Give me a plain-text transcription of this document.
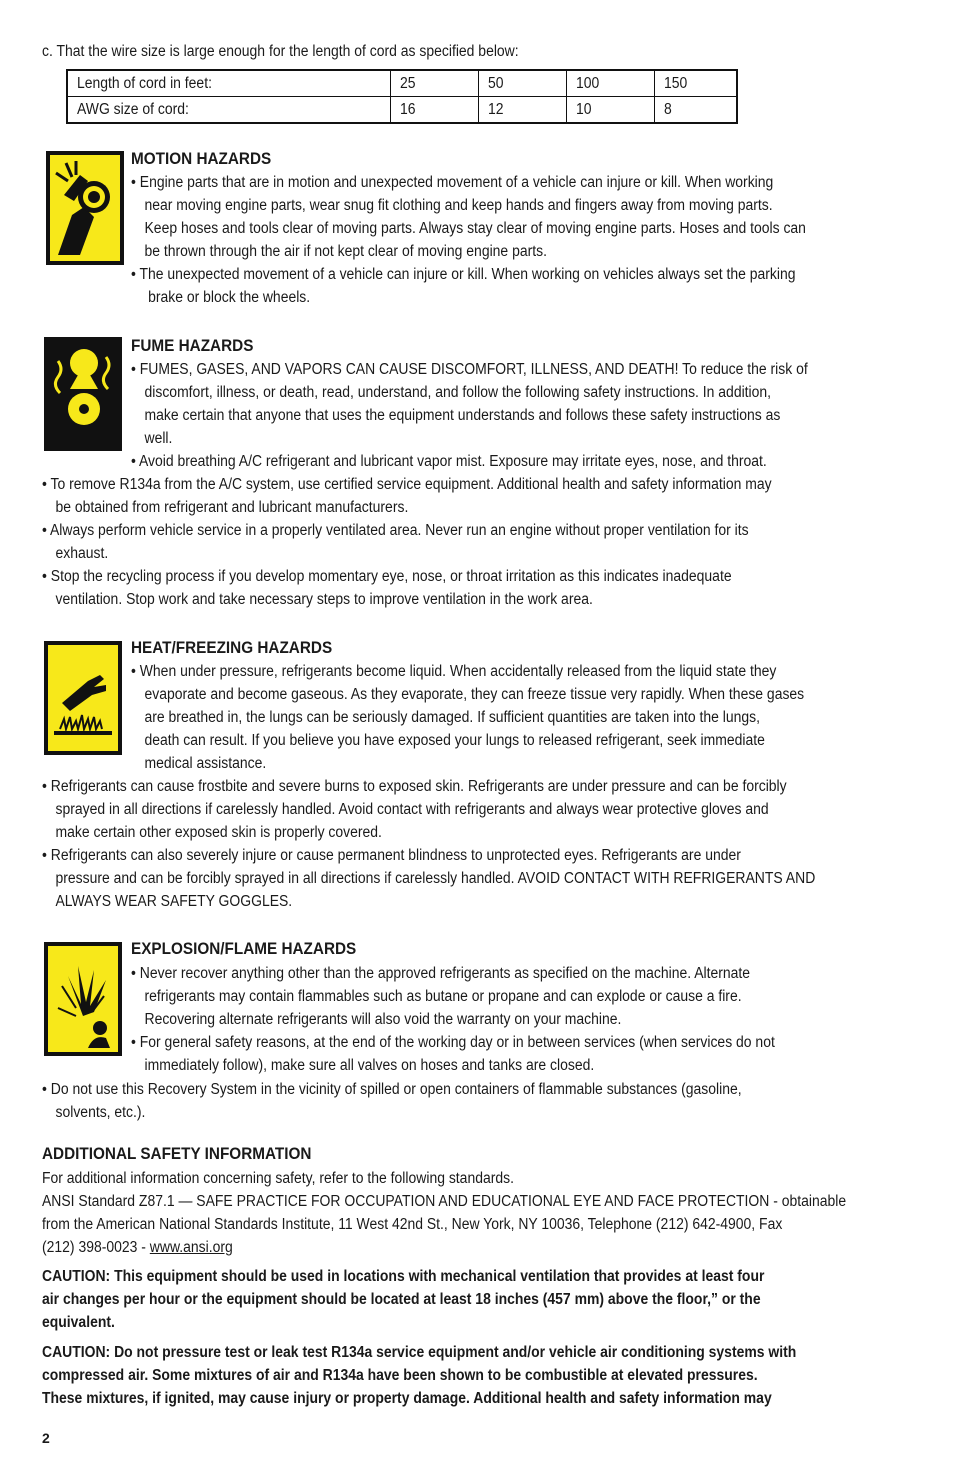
c. That the wire size is large enough for the length of cord as specified below:
Length of cord in feet:	25	50	100	150
AWG size of cord:	16	12	10	8
MOTION HAZARDS
• Engine parts that are in motion and unexpected movement of a vehicle can injure or kill. When working
near moving engine parts, wear snug fit clothing and keep hands and fingers away from moving parts.
Keep hoses and tools clear of moving parts. Always stay clear of moving engine parts. Hoses and tools can
be thrown through the air if not kept clear of moving engine parts.
• The unexpected movement of a vehicle can injure or kill. When working on vehicles always set the parking
brake or block the wheels.
FUME HAZARDS
• FUMES, GASES, AND VAPORS CAN CAUSE DISCOMFORT, ILLNESS, AND DEATH! To reduce the risk of
discomfort, illness, or death, read, understand, and follow the following safety instructions. In addition,
make certain that anyone that uses the equipment understands and follows these safety instructions as
well.
• Avoid breathing A/C refrigerant and lubricant vapor mist. Exposure may irritate eyes, nose, and throat.
• To remove R134a from the A/C system, use certified service equipment. Additional health and safety information may
be obtained from refrigerant and lubricant manufacturers.
• Always perform vehicle service in a properly ventilated area. Never run an engine without proper ventilation for its
exhaust.
• Stop the recycling process if you develop momentary eye, nose, or throat irritation as this indicates inadequate
ventilation. Stop work and take necessary steps to improve ventilation in the work area.
HEAT/FREEZING HAZARDS
• When under pressure, refrigerants become liquid. When accidentally released from the liquid state they
evaporate and become gaseous. As they evaporate, they can freeze tissue very rapidly. When these gases
are breathed in, the lungs can be seriously damaged. If sufficient quantities are taken into the lungs,
death can result. If you believe you have exposed your lungs to released refrigerant, seek immediate
medical assistance.
• Refrigerants can cause frostbite and severe burns to exposed skin. Refrigerants are under pressure and can be forcibly
sprayed in all directions if carelessly handled. Avoid contact with refrigerants and always wear protective gloves and
make certain other exposed skin is properly covered.
• Refrigerants can also severely injure or cause permanent blindness to unprotected eyes. Refrigerants are under
pressure and can be forcibly sprayed in all directions if carelessly handled. AVOID CONTACT WITH REFRIGERANTS AND
ALWAYS WEAR SAFETY GOGGLES.
EXPLOSION/FLAME HAZARDS
• Never recover anything other than the approved refrigerants as specified on the machine. Alternate
refrigerants may contain flammables such as butane or propane and can explode or cause a fire.
Recovering alternate refrigerants will also void the warranty on your machine.
• For general safety reasons, at the end of the working day or in between services (when services do not
immediately follow), make sure all valves on hoses and tanks are closed.
• Do not use this Recovery System in the vicinity of spilled or open containers of flammable substances (gasoline,
solvents, etc.).
ADDITIONAL SAFETY INFORMATION
For additional information concerning safety, refer to the following standards.
ANSI Standard Z87.1 — SAFE PRACTICE FOR OCCUPATION AND EDUCATIONAL EYE AND FACE PROTECTION - obtainable
from the American National Standards Institute, 11 West 42nd St., New York, NY 10036, Telephone (212) 642-4900, Fax
(212) 398-0023 - www.ansi.org
CAUTION: This equipment should be used in locations with mechanical ventilation that provides at least four
air changes per hour or the equipment should be located at least 18 inches (457 mm) above the floor,” or the
equivalent.
CAUTION: Do not pressure test or leak test R134a service equipment and/or vehicle air conditioning systems with
compressed air. Some mixtures of air and R134a have been shown to be combustible at elevated pressures.
These mixtures, if ignited, may cause injury or property damage. Additional health and safety information may
2
